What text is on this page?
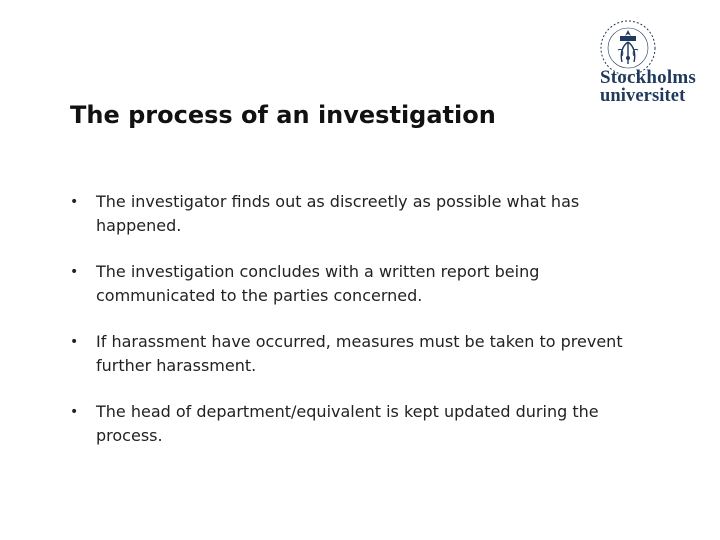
Stockholms
universitet
The process of an investigation
• The investigator finds out as discreetly as possible what has happened.
• The investigation concludes with a written report being communicated to the parties concerned.
• If harassment have occurred, measures must be taken to prevent further harassment.
• The head of department/equivalent is kept updated during the process.
